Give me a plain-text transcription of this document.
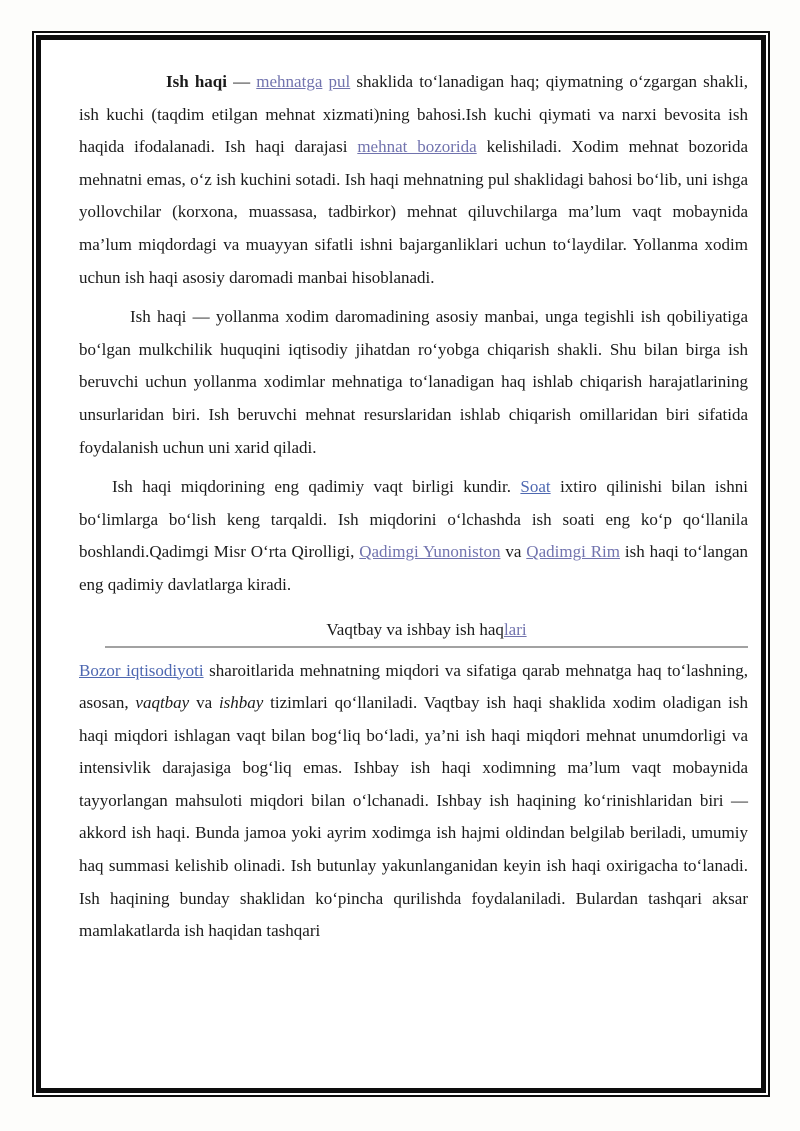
Ish haqi — mehnatga pul shaklida to‘lanadigan haq; qiymatning o‘zgargan shakli, ish kuchi (taqdim etilgan mehnat xizmati)ning bahosi.Ish kuchi qiymati va narxi bevosita ish haqida ifodalanadi. Ish haqi darajasi mehnat bozorida kelishiladi. Xodim mehnat bozorida mehnatni emas, o‘z ish kuchini sotadi. Ish haqi mehnatning pul shaklidagi bahosi bo‘lib, uni ishga yollovchilar (korxona, muassasa, tadbirkor) mehnat qiluvchilarga ma’lum vaqt mobaynida ma’lum miqdordagi va muayyan sifatli ishni bajarganliklari uchun to‘laydilar. Yollanma xodim uchun ish haqi asosiy daromadi manbai hisoblanadi.

Ish haqi — yollanma xodim daromadining asosiy manbai, unga tegishli ish qobiliyatiga bo‘lgan mulkchilik huquqini iqtisodiy jihatdan ro‘yobga chiqarish shakli. Shu bilan birga ish beruvchi uchun yollanma xodimlar mehnatiga to‘lanadigan haq ishlab chiqarish harajatlarining unsurlaridan biri. Ish beruvchi mehnat resurslaridan ishlab chiqarish omillaridan biri sifatida foydalanish uchun uni xarid qiladi.

Ish haqi miqdorining eng qadimiy vaqt birligi kundir. Soat ixtiro qilinishi bilan ishni bo‘limlarga bo‘lish keng tarqaldi. Ish miqdorini o‘lchashda ish soati eng ko‘p qo‘llanila boshlandi.Qadimgi Misr O‘rta Qirolligi, Qadimgi Yunoniston va Qadimgi Rim ish haqi to‘langan eng qadimiy davlatlarga kiradi.

Vaqtbay va ishbay ish haqlari

Bozor iqtisodiyoti sharoitlarida mehnatning miqdori va sifatiga qarab mehnatga haq to‘lashning, asosan, vaqtbay va ishbay tizimlari qo‘llaniladi. Vaqtbay ish haqi shaklida xodim oladigan ish haqi miqdori ishlagan vaqt bilan bog‘liq bo‘ladi, ya’ni ish haqi miqdori mehnat unumdorligi va intensivlik darajasiga bog‘liq emas. Ishbay ish haqi xodimning ma’lum vaqt mobaynida tayyorlangan mahsuloti miqdori bilan o‘lchanadi. Ishbay ish haqining ko‘rinishlaridan biri — akkord ish haqi. Bunda jamoa yoki ayrim xodimga ish hajmi oldindan belgilab beriladi, umumiy haq summasi kelishib olinadi. Ish butunlay yakunlanganidan keyin ish haqi oxirigacha to‘lanadi. Ish haqining bunday shaklidan ko‘pincha qurilishda foydalaniladi. Bulardan tashqari aksar mamlakatlarda ish haqidan tashqari
